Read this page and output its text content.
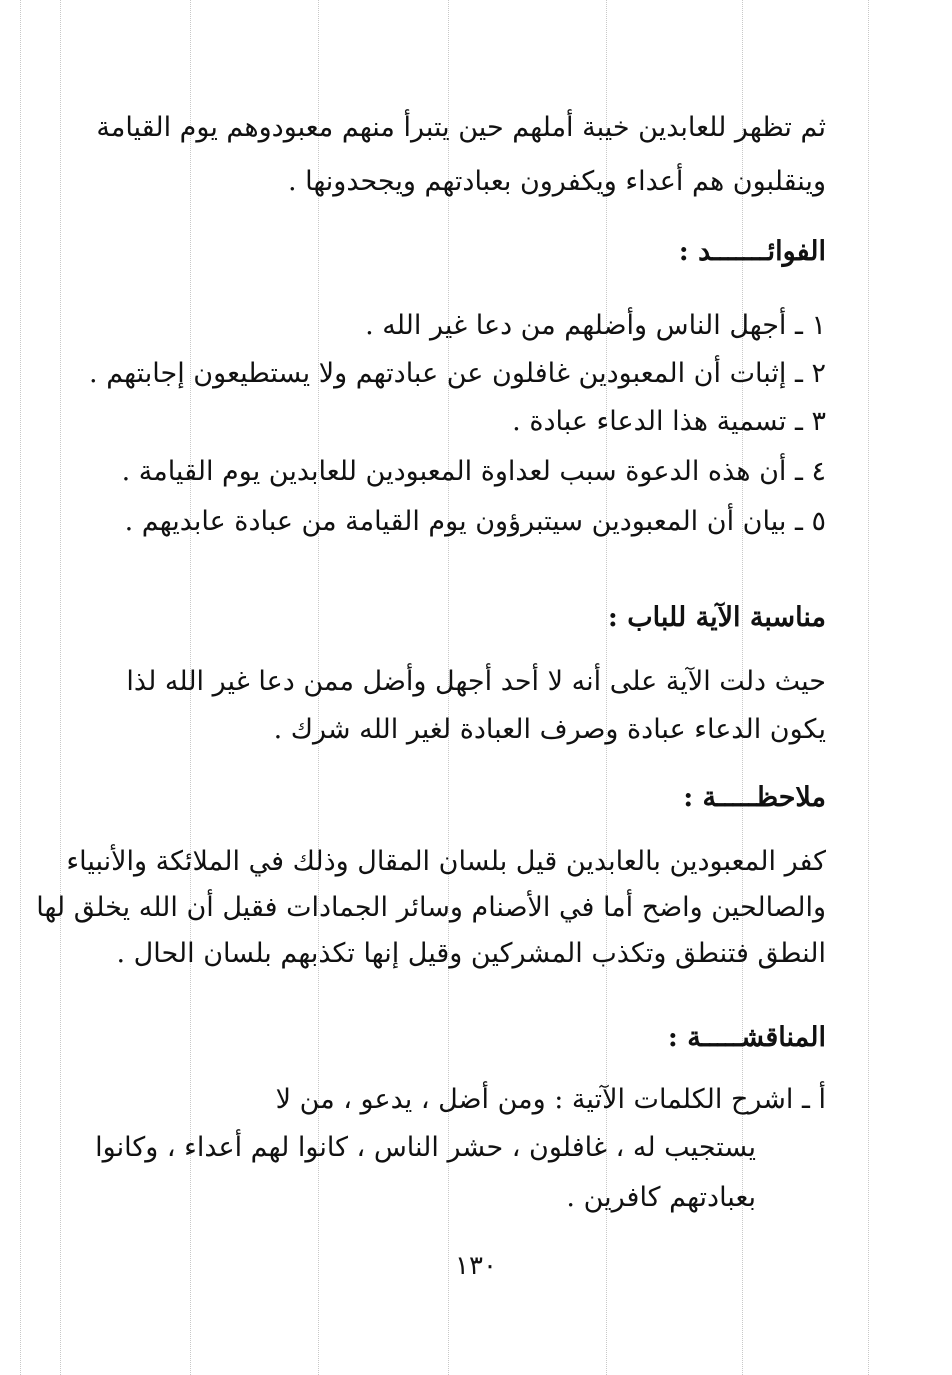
ثم تظهر للعابدين خيبة أملهم حين يتبرأ منهم معبودوهم يوم القيامة
وينقلبون هم أعداء ويكفرون بعبادتهم ويجحدونها .
الفوائـــــــد :
١ ـ أجهل الناس وأضلهم من دعا غير الله .
٢ ـ إثبات أن المعبودين غافلون عن عبادتهم ولا يستطيعون إجابتهم .
٣ ـ تسمية هذا الدعاء عبادة .
٤ ـ أن هذه الدعوة سبب لعداوة المعبودين للعابدين يوم القيامة .
٥ ـ بيان أن المعبودين سيتبرؤون يوم القيامة من عبادة عابديهم .
مناسبة الآية للباب :
حيث دلت الآية على أنه لا أحد أجهل وأضل ممن دعا غير الله لذا
يكون الدعاء عبادة وصرف العبادة لغير الله شرك .
ملاحظـــــة :
كفر المعبودين بالعابدين قيل بلسان المقال وذلك في الملائكة والأنبياء
والصالحين واضح أما في الأصنام وسائر الجمادات فقيل أن الله يخلق لها
النطق فتنطق وتكذب المشركين وقيل إنها تكذبهم بلسان الحال .
المناقشـــــة :
أ ـ اشرح الكلمات الآتية : ومن أضل ، يدعو ، من لا
يستجيب له ، غافلون ، حشر الناس ، كانوا لهم أعداء ، وكانوا
بعبادتهم كافرين .
١٣٠
